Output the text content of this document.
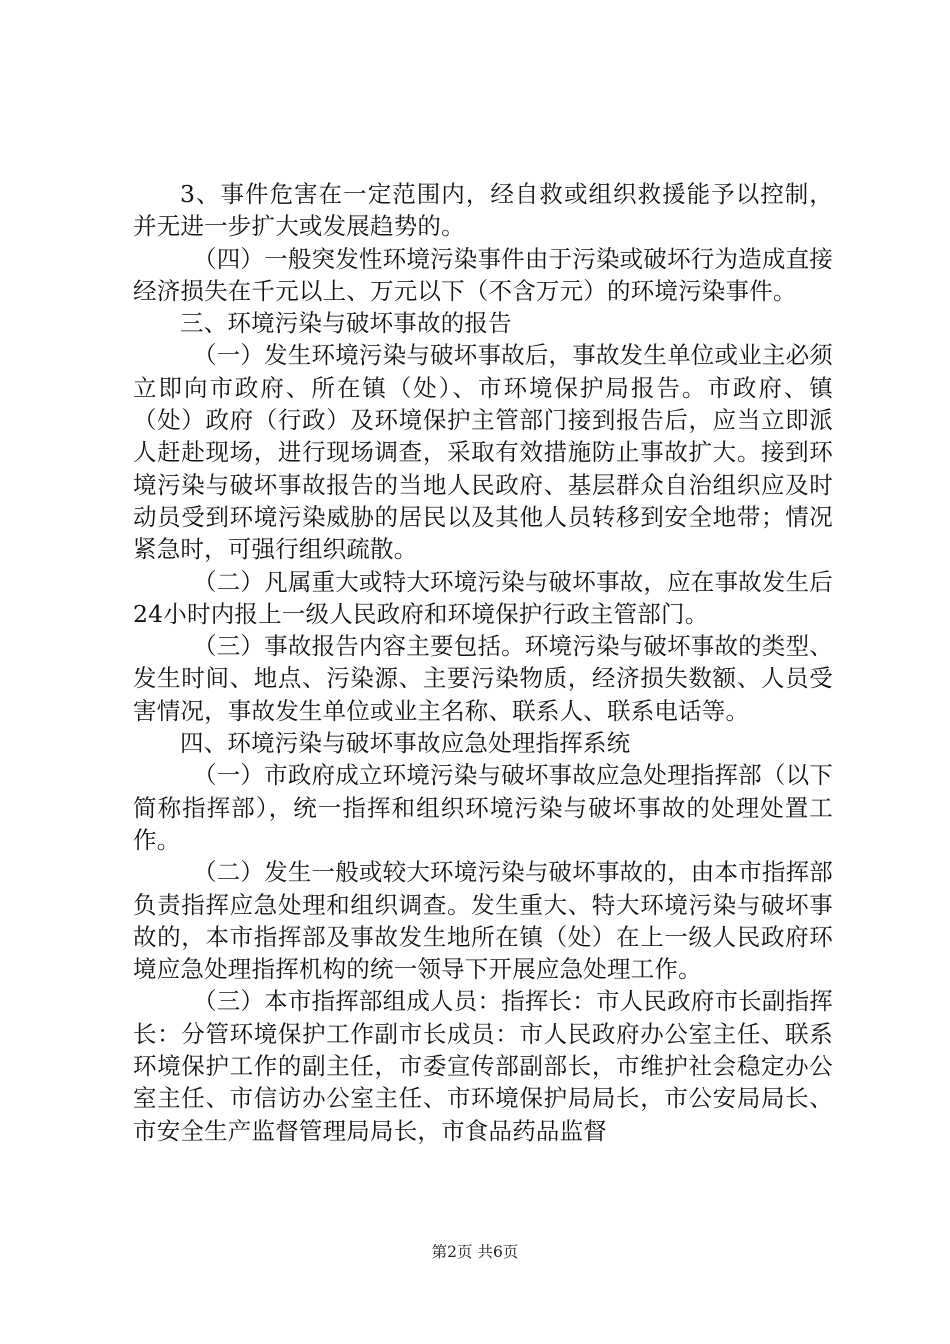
3、事件危害在一定范围内，经自救或组织救援能予以控制，并无进一步扩大或发展趋势的。

（四）一般突发性环境污染事件由于污染或破坏行为造成直接经济损失在千元以上、万元以下（不含万元）的环境污染事件。

三、环境污染与破坏事故的报告

（一）发生环境污染与破坏事故后，事故发生单位或业主必须立即向市政府、所在镇（处）、市环境保护局报告。市政府、镇（处）政府（行政）及环境保护主管部门接到报告后，应当立即派人赶赴现场，进行现场调查，采取有效措施防止事故扩大。接到环境污染与破坏事故报告的当地人民政府、基层群众自治组织应及时动员受到环境污染威胁的居民以及其他人员转移到安全地带；情况紧急时，可强行组织疏散。

（二）凡属重大或特大环境污染与破坏事故，应在事故发生后24小时内报上一级人民政府和环境保护行政主管部门。

（三）事故报告内容主要包括。环境污染与破坏事故的类型、发生时间、地点、污染源、主要污染物质，经济损失数额、人员受害情况，事故发生单位或业主名称、联系人、联系电话等。

四、环境污染与破坏事故应急处理指挥系统

（一）市政府成立环境污染与破坏事故应急处理指挥部（以下简称指挥部），统一指挥和组织环境污染与破坏事故的处理处置工作。

（二）发生一般或较大环境污染与破坏事故的，由本市指挥部负责指挥应急处理和组织调查。发生重大、特大环境污染与破坏事故的，本市指挥部及事故发生地所在镇（处）在上一级人民政府环境应急处理指挥机构的统一领导下开展应急处理工作。

（三）本市指挥部组成人员：指挥长：市人民政府市长副指挥长：分管环境保护工作副市长成员：市人民政府办公室主任、联系环境保护工作的副主任，市委宣传部副部长，市维护社会稳定办公室主任、市信访办公室主任、市环境保护局局长，市公安局局长、市安全生产监督管理局局长，市食品药品监督

第2页 共6页
